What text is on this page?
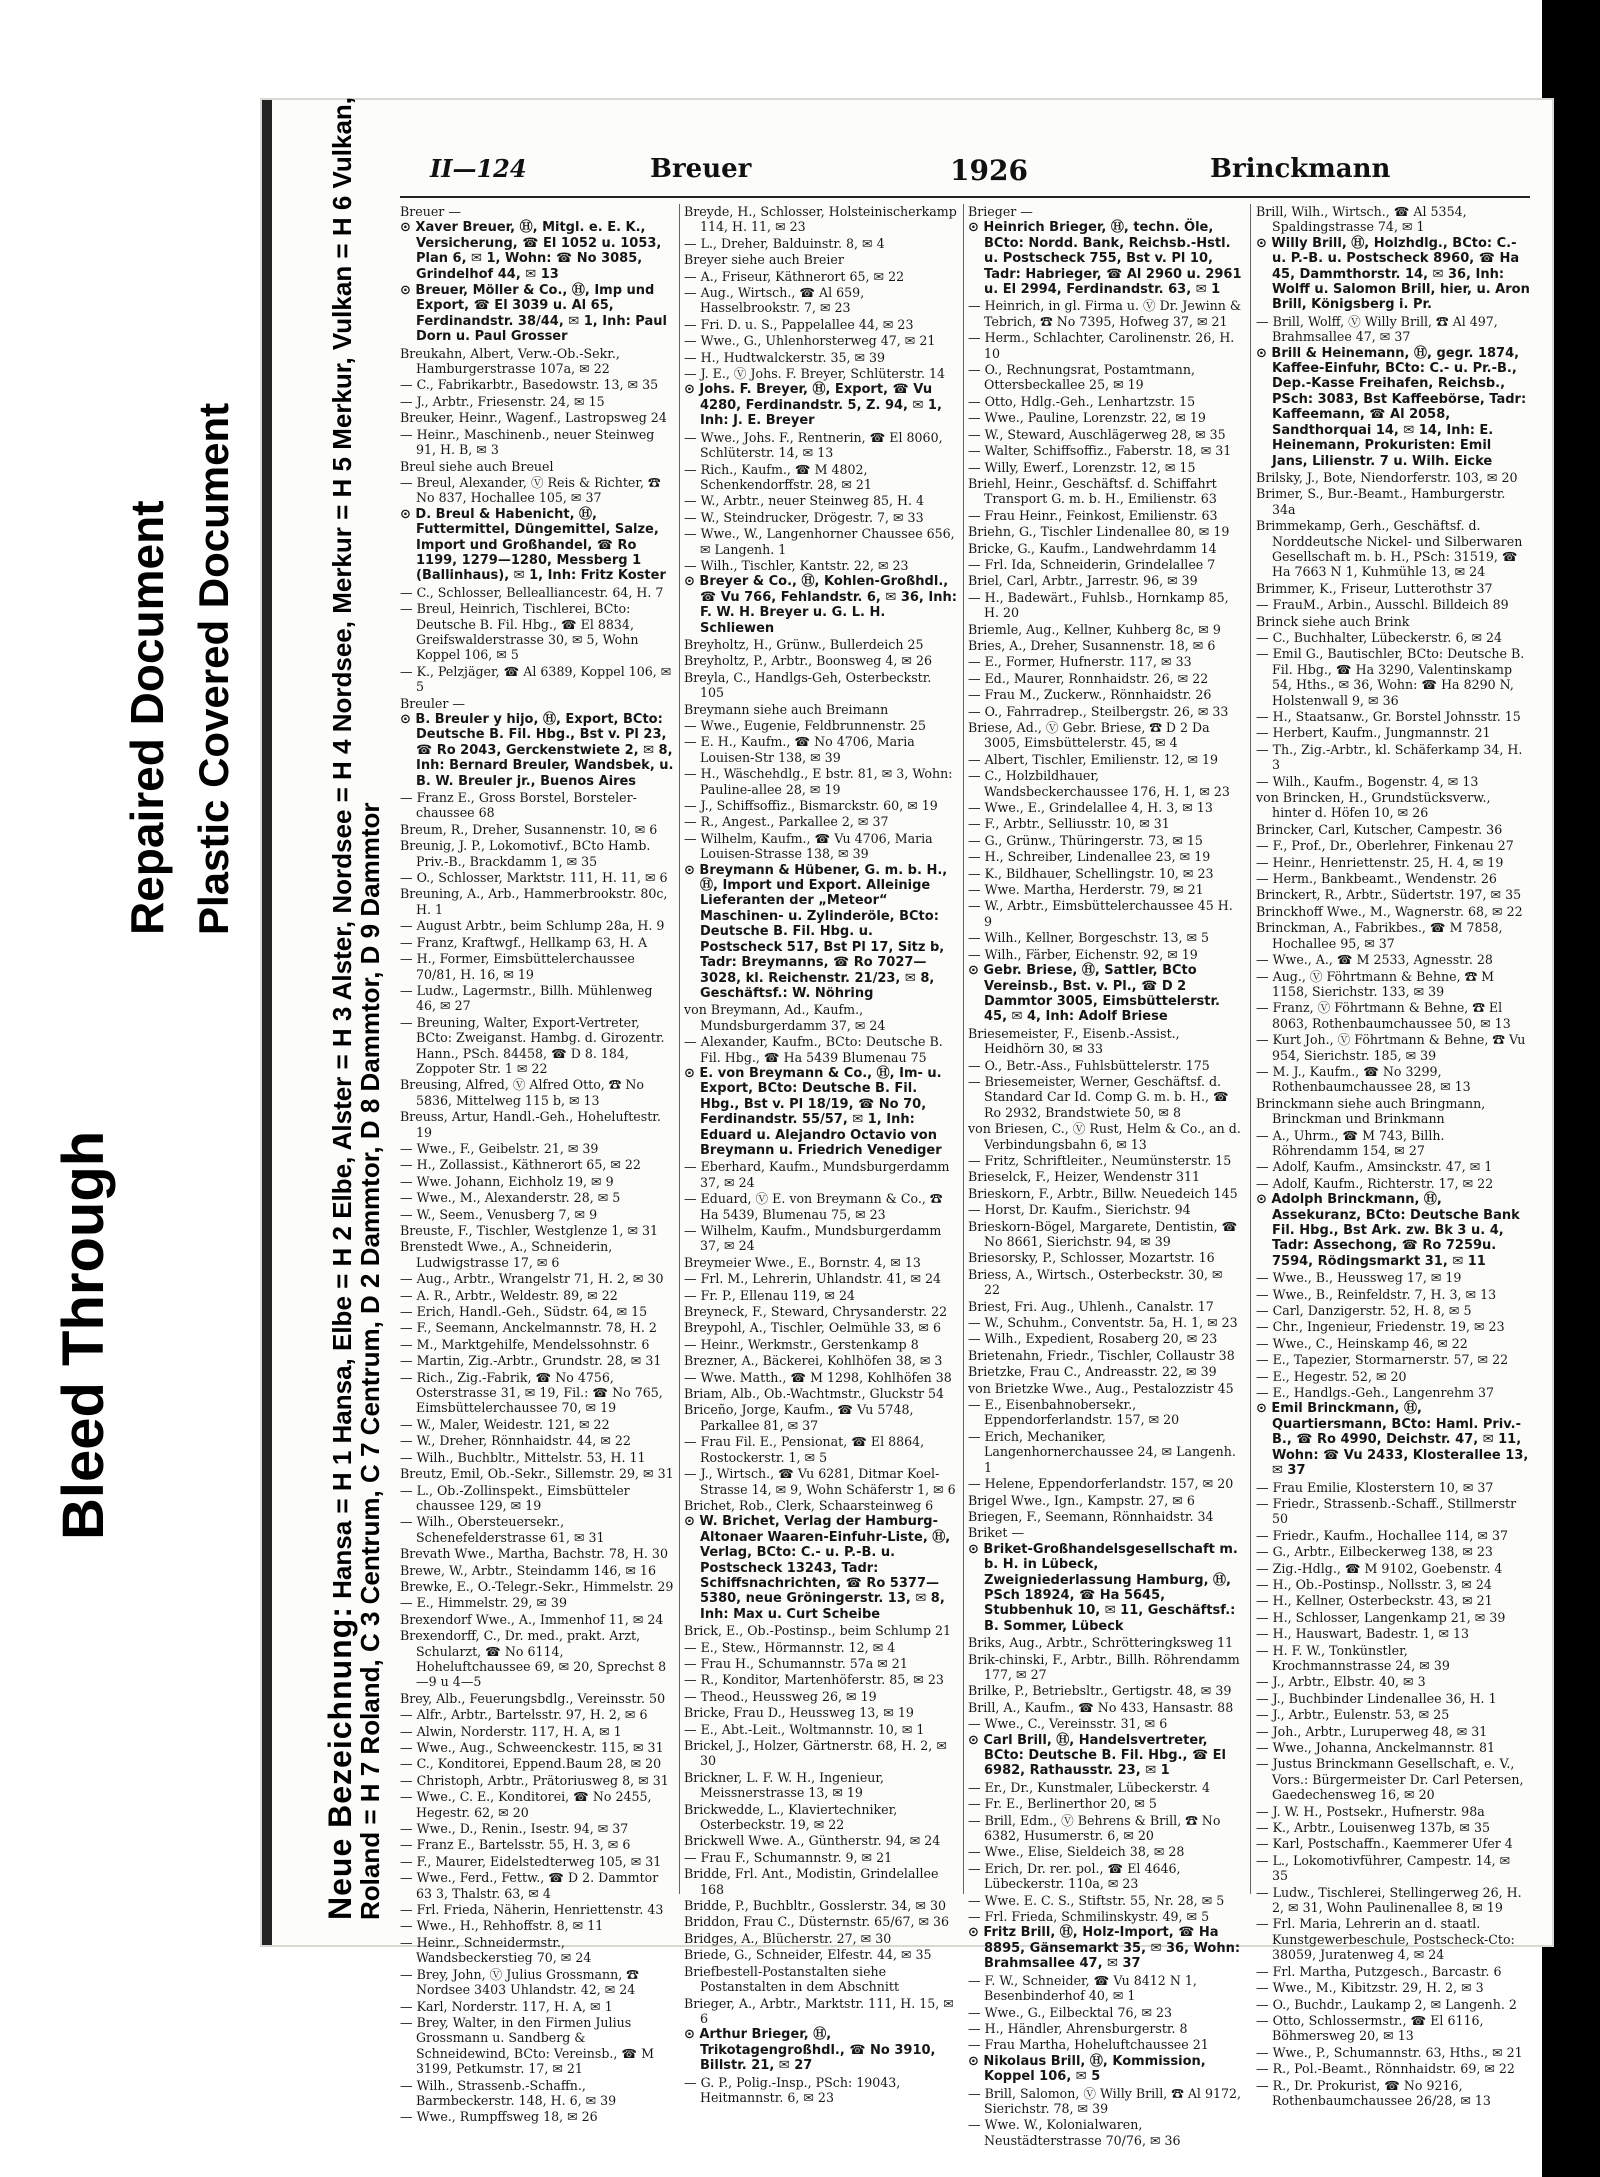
Bleed Through
Repaired Document Plastic Covered Document
Neue Bezeichnung: Hansa = H 1 Hansa, Elbe = H 2 Elbe, Alster = H 3 Alster, Nordsee = H 4 Nordsee, Merkur = H 5 Merkur, Vulkan = H 6 Vulkan,
Roland = H 7 Roland, C 3 Centrum, C 7 Centrum, D 2 Dammtor, D 8 Dammtor, D 9 Dammtor
II—124	Breuer	1926	Brinckmann
Breuer —
⊙ Xaver Breuer, Ⓗ, Mitgl. e. E. K., Versicherung, ☎ El 1052 u. 1053, Plan 6, ✉ 1, Wohn: ☎ No 3085, Grindelhof 44, ✉ 13
⊙ Breuer, Möller & Co., Ⓗ, Imp und Export, ☎ El 3039 u. Al 65, Ferdinandstr. 38/44, ✉ 1, Inh: Paul Dorn u. Paul Grosser
Breukahn, Albert, Verw.-Ob.-Sekr., Hamburgerstrasse 107a, ✉ 22
— C., Fabrikarbtr., Basedowstr. 13, ✉ 35
— J., Arbtr., Friesenstr. 24, ✉ 15
Breuker, Heinr., Wagenf., Lastropsweg 24
— Heinr., Maschinenb., neuer Steinweg 91, H. B, ✉ 3
Breul siehe auch Breuel
— Breul, Alexander, Ⓥ Reis & Richter, ☎ No 837, Hochallee 105, ✉ 37
⊙ D. Breul & Habenicht, Ⓗ, Futtermittel, Düngemittel, Salze, Import und Großhandel, ☎ Ro 1199, 1279—1280, Messberg 1 (Ballinhaus), ✉ 1, Inh: Fritz Koster
— C., Schlosser, Bellealliancestr. 64, H. 7
— Breul, Heinrich, Tischlerei, BCto: Deutsche B. Fil. Hbg., ☎ El 8834, Greifswalderstrasse 30, ✉ 5, Wohn Koppel 106, ✉ 5
— K., Pelzjäger, ☎ Al 6389, Koppel 106, ✉ 5
Breuler —
⊙ B. Breuler y hijo, Ⓗ, Export, BCto: Deutsche B. Fil. Hbg., Bst v. Pl 23, ☎ Ro 2043, Gerckenstwiete 2, ✉ 8, Inh: Bernard Breuler, Wandsbek, u. B. W. Breuler jr., Buenos Aires
— Franz E., Gross Borstel, Borsteler-chaussee 68
Breum, R., Dreher, Susannenstr. 10, ✉ 6
Breunig, J. P., Lokomotivf., BCto Hamb. Priv.-B., Brackdamm 1, ✉ 35
— O., Schlosser, Marktstr. 111, H. 11, ✉ 6
Breuning, A., Arb., Hammerbrookstr. 80c, H. 1
— August Arbtr., beim Schlump 28a, H. 9
— Franz, Kraftwgf., Hellkamp 63, H. A
— H., Former, Eimsbüttelerchaussee 70/81, H. 16, ✉ 19
— Ludw., Lagermstr., Billh. Mühlenweg 46, ✉ 27
— Breuning, Walter, Export-Vertreter, BCto: Zweiganst. Hambg. d. Girozentr. Hann., PSch. 84458, ☎ D 8. 184, Zoppoter Str. 1 ✉ 22
Breusing, Alfred, Ⓥ Alfred Otto, ☎ No 5836, Mittelweg 115 b, ✉ 13
Breuss, Artur, Handl.-Geh., Hoheluftestr. 19
— Wwe., F., Geibelstr. 21, ✉ 39
— H., Zollassist., Käthnerort 65, ✉ 22
— Wwe. Johann, Eichholz 19, ✉ 9
— Wwe., M., Alexanderstr. 28, ✉ 5
— W., Seem., Venusberg 7, ✉ 9
Breuste, F., Tischler, Westglenze 1, ✉ 31
Brenstedt Wwe., A., Schneiderin, Ludwigstrasse 17, ✉ 6
— Aug., Arbtr., Wrangelstr 71, H. 2, ✉ 30
— A. R., Arbtr., Weldestr. 89, ✉ 22
— Erich, Handl.-Geh., Südstr. 64, ✉ 15
— F., Seemann, Anckelmannstr. 78, H. 2
— M., Marktgehilfe, Mendelssohnstr. 6
— Martin, Zig.-Arbtr., Grundstr. 28, ✉ 31
— Rich., Zig.-Fabrik, ☎ No 4756, Osterstrasse 31, ✉ 19, Fil.: ☎ No 765, Eimsbüttelerchaussee 70, ✉ 19
— W., Maler, Weidestr. 121, ✉ 22
— W., Dreher, Rönnhaidstr. 44, ✉ 22
— Wilh., Buchbltr., Mittelstr. 53, H. 11
Breutz, Emil, Ob.-Sekr., Sillemstr. 29, ✉ 31
— L., Ob.-Zollinspekt., Eimsbütteler chaussee 129, ✉ 19
— Wilh., Obersteuersekr., Schenefelderstrasse 61, ✉ 31
Brevath Wwe., Martha, Bachstr. 78, H. 30
Brewe, W., Arbtr., Steindamm 146, ✉ 16
Brewke, E., O.-Telegr.-Sekr., Himmelstr. 29
— E., Himmelstr. 29, ✉ 39
Brexendorf Wwe., A., Immenhof 11, ✉ 24
Brexendorff, C., Dr. med., prakt. Arzt, Schularzt, ☎ No 6114, Hoheluftchaussee 69, ✉ 20, Sprechst 8—9 u 4—5
Brey, Alb., Feuerungsbdlg., Vereinsstr. 50
— Alfr., Arbtr., Bartelsstr. 97, H. 2, ✉ 6
— Alwin, Norderstr. 117, H. A, ✉ 1
— Wwe., Aug., Schweenckestr. 115, ✉ 31
— C., Konditorei, Eppend.Baum 28, ✉ 20
— Christoph, Arbtr., Prätoriusweg 8, ✉ 31
— Wwe., C. E., Konditorei, ☎ No 2455, Hegestr. 62, ✉ 20
— Wwe., D., Renin., Isestr. 94, ✉ 37
— Franz E., Bartelsstr. 55, H. 3, ✉ 6
— F., Maurer, Eidelstedterweg 105, ✉ 31
— Wwe., Ferd., Fettw., ☎ D 2. Dammtor 63 3, Thalstr. 63, ✉ 4
— Frl. Frieda, Näherin, Henriettenstr. 43
— Wwe., H., Rehhoffstr. 8, ✉ 11
— Heinr., Schneidermstr., Wandsbeckerstieg 70, ✉ 24
— Brey, John, Ⓥ Julius Grossmann, ☎ Nordsee 3403 Uhlandstr. 42, ✉ 24
— Karl, Norderstr. 117, H. A, ✉ 1
— Brey, Walter, in den Firmen Julius Grossmann u. Sandberg & Schneidewind, BCto: Vereinsb., ☎ M 3199, Petkumstr. 17, ✉ 21
— Wilh., Strassenb.-Schaffn., Barmbeckerstr. 148, H. 6, ✉ 39
— Wwe., Rumpffsweg 18, ✉ 26
Breyde, H., Schlosser, Holsteinischerkamp 114, H. 11, ✉ 23
— L., Dreher, Balduinstr. 8, ✉ 4
Breyer siehe auch Breier
— A., Friseur, Käthnerort 65, ✉ 22
— Aug., Wirtsch., ☎ Al 659, Hasselbrookstr. 7, ✉ 23
— Fri. D. u. S., Pappelallee 44, ✉ 23
— Wwe., G., Uhlenhorsterweg 47, ✉ 21
— H., Hudtwalckerstr. 35, ✉ 39
— J. E., Ⓥ Johs. F. Breyer, Schlüterstr. 14
⊙ Johs. F. Breyer, Ⓗ, Export, ☎ Vu 4280, Ferdinandstr. 5, Z. 94, ✉ 1, Inh: J. E. Breyer
— Wwe., Johs. F., Rentnerin, ☎ El 8060, Schlüterstr. 14, ✉ 13
— Rich., Kaufm., ☎ M 4802, Schenkendorffstr. 28, ✉ 21
— W., Arbtr., neuer Steinweg 85, H. 4
— W., Steindrucker, Drögestr. 7, ✉ 33
— Wwe., W., Langenhorner Chaussee 656, ✉ Langenh. 1
— Wilh., Tischler, Kantstr. 22, ✉ 23
⊙ Breyer & Co., Ⓗ, Kohlen-Großhdl., ☎ Vu 766, Fehlandstr. 6, ✉ 36, Inh: F. W. H. Breyer u. G. L. H. Schliewen
Breyholtz, H., Grünw., Bullerdeich 25
Breyholtz, P., Arbtr., Boonsweg 4, ✉ 26
Breyla, C., Handlgs-Geh, Osterbeckstr. 105
Breymann siehe auch Breimann
— Wwe., Eugenie, Feldbrunnenstr. 25
— E. H., Kaufm., ☎ No 4706, Maria Louisen-Str 138, ✉ 39
— H., Wäschehdlg., E bstr. 81, ✉ 3, Wohn: Pauline-allee 28, ✉ 19
— J., Schiffsoffiz., Bismarckstr. 60, ✉ 19
— R., Angest., Parkallee 2, ✉ 37
— Wilhelm, Kaufm., ☎ Vu 4706, Maria Louisen-Strasse 138, ✉ 39
⊙ Breymann & Hübener, G. m. b. H., Ⓗ, Import und Export. Alleinige Lieferanten der „Meteor“ Maschinen- u. Zylinderöle, BCto: Deutsche B. Fil. Hbg. u. Postscheck 517, Bst Pl 17, Sitz b, Tadr: Breymanns, ☎ Ro 7027—3028, kl. Reichenstr. 21/23, ✉ 8, Geschäftsf.: W. Nöhring
von Breymann, Ad., Kaufm., Mundsburgerdamm 37, ✉ 24
— Alexander, Kaufm., BCto: Deutsche B. Fil. Hbg., ☎ Ha 5439 Blumenau 75
⊙ E. von Breymann & Co., Ⓗ, Im- u. Export, BCto: Deutsche B. Fil. Hbg., Bst v. Pl 18/19, ☎ No 70, Ferdinandstr. 55/57, ✉ 1, Inh: Eduard u. Alejandro Octavio von Breymann u. Friedrich Venediger
— Eberhard, Kaufm., Mundsburgerdamm 37, ✉ 24
— Eduard, Ⓥ E. von Breymann & Co., ☎ Ha 5439, Blumenau 75, ✉ 23
— Wilhelm, Kaufm., Mundsburgerdamm 37, ✉ 24
Breymeier Wwe., E., Bornstr. 4, ✉ 13
— Frl. M., Lehrerin, Uhlandstr. 41, ✉ 24
— Fr. P., Ellenau 119, ✉ 24
Breyneck, F., Steward, Chrysanderstr. 22
Breypohl, A., Tischler, Oelmühle 33, ✉ 6
— Heinr., Werkmstr., Gerstenkamp 8
Brezner, A., Bäckerei, Kohlhöfen 38, ✉ 3
— Wwe. Matth., ☎ M 1298, Kohlhöfen 38
Briam, Alb., Ob.-Wachtmstr., Gluckstr 54
Briceño, Jorge, Kaufm., ☎ Vu 5748, Parkallee 81, ✉ 37
— Frau Fil. E., Pensionat, ☎ El 8864, Rostockerstr. 1, ✉ 5
— J., Wirtsch., ☎ Vu 6281, Ditmar Koel-Strasse 14, ✉ 9, Wohn Schäferstr 1, ✉ 6
Brichet, Rob., Clerk, Schaarsteinweg 6
⊙ W. Brichet, Verlag der Hamburg-Altonaer Waaren-Einfuhr-Liste, Ⓗ, Verlag, BCto: C.- u. P.-B. u. Postscheck 13243, Tadr: Schiffsnachrichten, ☎ Ro 5377—5380, neue Gröningerstr. 13, ✉ 8, Inh: Max u. Curt Scheibe
Brick, E., Ob.-Postinsp., beim Schlump 21
— E., Stew., Hörmannstr. 12, ✉ 4
— Frau H., Schumannstr. 57a ✉ 21
— R., Konditor, Martenhöferstr. 85, ✉ 23
— Theod., Heussweg 26, ✉ 19
Bricke, Frau D., Heussweg 13, ✉ 19
— E., Abt.-Leit., Woltmannstr. 10, ✉ 1
Brickel, J., Holzer, Gärtnerstr. 68, H. 2, ✉ 30
Brickner, L. F. W. H., Ingenieur, Meissnerstrasse 13, ✉ 19
Brickwedde, L., Klaviertechniker, Osterbeckstr. 19, ✉ 22
Brickwell Wwe. A., Güntherstr. 94, ✉ 24
— Frau F., Schumannstr. 9, ✉ 21
Bridde, Frl. Ant., Modistin, Grindelallee 168
Bridde, P., Buchbltr., Gosslerstr. 34, ✉ 30
Briddon, Frau C., Düsternstr. 65/67, ✉ 36
Bridges, A., Blücherstr. 27, ✉ 30
Briede, G., Schneider, Elfestr. 44, ✉ 35
Briefbestell-Postanstalten siehe Postanstalten in dem Abschnitt
Brieger, A., Arbtr., Marktstr. 111, H. 15, ✉ 6
⊙ Arthur Brieger, Ⓗ, Trikotagengroßhdl., ☎ No 3910, Billstr. 21, ✉ 27
— G. P., Polig.-Insp., PSch: 19043, Heitmannstr. 6, ✉ 23
Brieger —
⊙ Heinrich Brieger, Ⓗ, techn. Öle, BCto: Nordd. Bank, Reichsb.-Hstl. u. Postscheck 755, Bst v. Pl 10, Tadr: Habrieger, ☎ Al 2960 u. 2961 u. El 2994, Ferdinandstr. 63, ✉ 1
— Heinrich, in gl. Firma u. Ⓥ Dr. Jewinn & Tebrich, ☎ No 7395, Hofweg 37, ✉ 21
— Herm., Schlachter, Carolinenstr. 26, H. 10
— O., Rechnungsrat, Postamtmann, Ottersbeckallee 25, ✉ 19
— Otto, Hdlg.-Geh., Lenhartzstr. 15
— Wwe., Pauline, Lorenzstr. 22, ✉ 19
— W., Steward, Auschlägerweg 28, ✉ 35
— Walter, Schiffsoffiz., Faberstr. 18, ✉ 31
— Willy, Ewerf., Lorenzstr. 12, ✉ 15
Briehl, Heinr., Geschäftsf. d. Schiffahrt Transport G. m. b. H., Emilienstr. 63
— Frau Heinr., Feinkost, Emilienstr. 63
Briehn, G., Tischler Lindenallee 80, ✉ 19
Bricke, G., Kaufm., Landwehrdamm 14
— Frl. Ida, Schneiderin, Grindelallee 7
Briel, Carl, Arbtr., Jarrestr. 96, ✉ 39
— H., Badewärt., Fuhlsb., Hornkamp 85, H. 20
Briemle, Aug., Kellner, Kuhberg 8c, ✉ 9
Bries, A., Dreher, Susannenstr. 18, ✉ 6
— E., Former, Hufnerstr. 117, ✉ 33
— Ed., Maurer, Ronnhaidstr. 26, ✉ 22
— Frau M., Zuckerw., Rönnhaidstr. 26
— O., Fahrradrep., Steilbergstr. 26, ✉ 33
Briese, Ad., Ⓥ Gebr. Briese, ☎ D 2 Da 3005, Eimsbüttelerstr. 45, ✉ 4
— Albert, Tischler, Emilienstr. 12, ✉ 19
— C., Holzbildhauer, Wandsbeckerchaussee 176, H. 1, ✉ 23
— Wwe., E., Grindelallee 4, H. 3, ✉ 13
— F., Arbtr., Selliusstr. 10, ✉ 31
— G., Grünw., Thüringerstr. 73, ✉ 15
— H., Schreiber, Lindenallee 23, ✉ 19
— K., Bildhauer, Schellingstr. 10, ✉ 23
— Wwe. Martha, Herderstr. 79, ✉ 21
— W., Arbtr., Eimsbüttelerchaussee 45 H. 9
— Wilh., Kellner, Borgeschstr. 13, ✉ 5
— Wilh., Färber, Eichenstr. 92, ✉ 19
⊙ Gebr. Briese, Ⓗ, Sattler, BCto Vereinsb., Bst. v. Pl., ☎ D 2 Dammtor 3005, Eimsbüttelerstr. 45, ✉ 4, Inh: Adolf Briese
Briesemeister, F., Eisenb.-Assist., Heidhörn 30, ✉ 33
— O., Betr.-Ass., Fuhlsbüttelerstr. 175
— Briesemeister, Werner, Geschäftsf. d. Standard Car Id. Comp G. m. b. H., ☎ Ro 2932, Brandstwiete 50, ✉ 8
von Briesen, C., Ⓥ Rust, Helm & Co., an d. Verbindungsbahn 6, ✉ 13
— Fritz, Schriftleiter., Neumünsterstr. 15
Brieselck, F., Heizer, Wendenstr 311
Brieskorn, F., Arbtr., Billw. Neuedeich 145
— Horst, Dr. Kaufm., Sierichstr. 94
Brieskorn-Bögel, Margarete, Dentistin, ☎ No 8661, Sierichstr. 94, ✉ 39
Briesorsky, P., Schlosser, Mozartstr. 16
Briess, A., Wirtsch., Osterbeckstr. 30, ✉ 22
Briest, Fri. Aug., Uhlenh., Canalstr. 17
— W., Schuhm., Conventstr. 5a, H. 1, ✉ 23
— Wilh., Expedient, Rosaberg 20, ✉ 23
Brietenahn, Friedr., Tischler, Collaustr 38
Brietzke, Frau C., Andreasstr. 22, ✉ 39
von Brietzke Wwe., Aug., Pestalozzistr 45
— E., Eisenbahnobersekr., Eppendorferlandstr. 157, ✉ 20
— Erich, Mechaniker, Langenhornerchaussee 24, ✉ Langenh. 1
— Helene, Eppendorferlandstr. 157, ✉ 20
Brigel Wwe., Ign., Kampstr. 27, ✉ 6
Briegen, F., Seemann, Rönnhaidstr. 34
Briket —
⊙ Briket-Großhandelsgesellschaft m. b. H. in Lübeck, Zweigniederlassung Hamburg, Ⓗ, PSch 18924, ☎ Ha 5645, Stubbenhuk 10, ✉ 11, Geschäftsf.: B. Sommer, Lübeck
Briks, Aug., Arbtr., Schrötteringksweg 11
Brik-chinski, F., Arbtr., Billh. Röhrendamm 177, ✉ 27
Brilke, P., Betriebsltr., Gertigstr. 48, ✉ 39
Brill, A., Kaufm., ☎ No 433, Hansastr. 88
— Wwe., C., Vereinsstr. 31, ✉ 6
⊙ Carl Brill, Ⓗ, Handelsvertreter, BCto: Deutsche B. Fil. Hbg., ☎ El 6982, Rathausstr. 23, ✉ 1
— Er., Dr., Kunstmaler, Lübeckerstr. 4
— Fr. E., Berlinerthor 20, ✉ 5
— Brill, Edm., Ⓥ Behrens & Brill, ☎ No 6382, Husumerstr. 6, ✉ 20
— Wwe., Elise, Sieldeich 38, ✉ 28
— Erich, Dr. rer. pol., ☎ El 4646, Lübeckerstr. 110a, ✉ 23
— Wwe. E. C. S., Stiftstr. 55, Nr. 28, ✉ 5
— Frl. Frieda, Schmilinskystr. 49, ✉ 5
⊙ Fritz Brill, Ⓗ, Holz-Import, ☎ Ha 8895, Gänsemarkt 35, ✉ 36, Wohn: Brahmsallee 47, ✉ 37
— F. W., Schneider, ☎ Vu 8412 N 1, Besenbinderhof 40, ✉ 1
— Wwe., G., Eilbecktal 76, ✉ 23
— H., Händler, Ahrensburgerstr. 8
— Frau Martha, Hoheluftchaussee 21
⊙ Nikolaus Brill, Ⓗ, Kommission, Koppel 106, ✉ 5
— Brill, Salomon, Ⓥ Willy Brill, ☎ Al 9172, Sierichstr. 78, ✉ 39
— Wwe. W., Kolonialwaren, Neustädterstrasse 70/76, ✉ 36
Brill, Wilh., Wirtsch., ☎ Al 5354, Spaldingstrasse 74, ✉ 1
⊙ Willy Brill, Ⓗ, Holzhdlg., BCto: C.- u. P.-B. u. Postscheck 8960, ☎ Ha 45, Dammthorstr. 14, ✉ 36, Inh: Wolff u. Salomon Brill, hier, u. Aron Brill, Königsberg i. Pr.
— Brill, Wolff, Ⓥ Willy Brill, ☎ Al 497, Brahmsallee 47, ✉ 37
⊙ Brill & Heinemann, Ⓗ, gegr. 1874, Kaffee-Einfuhr, BCto: C.- u. Pr.-B., Dep.-Kasse Freihafen, Reichsb., PSch: 3083, Bst Kaffeebörse, Tadr: Kaffeemann, ☎ Al 2058, Sandthorquai 14, ✉ 14, Inh: E. Heinemann, Prokuristen: Emil Jans, Lilienstr. 7 u. Wilh. Eicke
Brilsky, J., Bote, Niendorferstr. 103, ✉ 20
Brimer, S., Bur.-Beamt., Hamburgerstr. 34a
Brimmekamp, Gerh., Geschäftsf. d. Norddeutsche Nickel- und Silberwaren Gesellschaft m. b. H., PSch: 31519, ☎ Ha 7663 N 1, Kuhmühle 13, ✉ 24
Brimmer, K., Friseur, Lutterothstr 37
— FrauM., Arbin., Ausschl. Billdeich 89
Brinck siehe auch Brink
— C., Buchhalter, Lübeckerstr. 6, ✉ 24
— Emil G., Bautischler, BCto: Deutsche B. Fil. Hbg., ☎ Ha 3290, Valentinskamp 54, Hths., ✉ 36, Wohn: ☎ Ha 8290 N, Holstenwall 9, ✉ 36
— H., Staatsanw., Gr. Borstel Johnsstr. 15
— Herbert, Kaufm., Jungmannstr. 21
— Th., Zig.-Arbtr., kl. Schäferkamp 34, H. 3
— Wilh., Kaufm., Bogenstr. 4, ✉ 13
von Brincken, H., Grundstücksverw., hinter d. Höfen 10, ✉ 26
Brincker, Carl, Kutscher, Campestr. 36
— F., Prof., Dr., Oberlehrer, Finkenau 27
— Heinr., Henriettenstr. 25, H. 4, ✉ 19
— Herm., Bankbeamt., Wendenstr. 26
Brinckert, R., Arbtr., Südertstr. 197, ✉ 35
Brinckhoff Wwe., M., Wagnerstr. 68, ✉ 22
Brinckman, A., Fabrikbes., ☎ M 7858, Hochallee 95, ✉ 37
— Wwe., A., ☎ M 2533, Agnesstr. 28
— Aug., Ⓥ Föhrtmann & Behne, ☎ M 1158, Sierichstr. 133, ✉ 39
— Franz, Ⓥ Föhrtmann & Behne, ☎ El 8063, Rothenbaumchaussee 50, ✉ 13
— Kurt Joh., Ⓥ Föhrtmann & Behne, ☎ Vu 954, Sierichstr. 185, ✉ 39
— M. J., Kaufm., ☎ No 3299, Rothenbaumchaussee 28, ✉ 13
Brinckmann siehe auch Bringmann, Brinckman und Brinkmann
— A., Uhrm., ☎ M 743, Billh. Röhrendamm 154, ✉ 27
— Adolf, Kaufm., Amsinckstr. 47, ✉ 1
— Adolf, Kaufm., Richterstr. 17, ✉ 22
⊙ Adolph Brinckmann, Ⓗ, Assekuranz, BCto: Deutsche Bank Fil. Hbg., Bst Ark. zw. Bk 3 u. 4, Tadr: Assechong, ☎ Ro 7259u. 7594, Rödingsmarkt 31, ✉ 11
— Wwe., B., Heussweg 17, ✉ 19
— Wwe., B., Reinfeldstr. 7, H. 3, ✉ 13
— Carl, Danzigerstr. 52, H. 8, ✉ 5
— Chr., Ingenieur, Friedenstr. 19, ✉ 23
— Wwe., C., Heinskamp 46, ✉ 22
— E., Tapezier, Stormarnerstr. 57, ✉ 22
— E., Hegestr. 52, ✉ 20
— E., Handlgs.-Geh., Langenrehm 37
⊙ Emil Brinckmann, Ⓗ, Quartiersmann, BCto: Haml. Priv.-B., ☎ Ro 4990, Deichstr. 47, ✉ 11, Wohn: ☎ Vu 2433, Klosterallee 13, ✉ 37
— Frau Emilie, Klosterstern 10, ✉ 37
— Friedr., Strassenb.-Schaff., Stillmerstr 50
— Friedr., Kaufm., Hochallee 114, ✉ 37
— G., Arbtr., Eilbeckerweg 138, ✉ 23
— Zig.-Hdlg., ☎ M 9102, Goebenstr. 4
— H., Ob.-Postinsp., Nollsstr. 3, ✉ 24
— H., Kellner, Osterbeckstr. 43, ✉ 21
— H., Schlosser, Langenkamp 21, ✉ 39
— H., Hauswart, Badestr. 1, ✉ 13
— H. F. W., Tonkünstler, Krochmannstrasse 24, ✉ 39
— J., Arbtr., Elbstr. 40, ✉ 3
— J., Buchbinder Lindenallee 36, H. 1
— J., Arbtr., Eulenstr. 53, ✉ 25
— Joh., Arbtr., Luruperweg 48, ✉ 31
— Wwe., Johanna, Anckelmannstr. 81
— Justus Brinckmann Gesellschaft, e. V., Vors.: Bürgermeister Dr. Carl Petersen, Gaedechensweg 16, ✉ 20
— J. W. H., Postsekr., Hufnerstr. 98a
— K., Arbtr., Louisenweg 137b, ✉ 35
— Karl, Postschaffn., Kaemmerer Ufer 4
— L., Lokomotivführer, Campestr. 14, ✉ 35
— Ludw., Tischlerei, Stellingerweg 26, H. 2, ✉ 31, Wohn Paulinenallee 8, ✉ 19
— Frl. Maria, Lehrerin an d. staatl. Kunstgewerbeschule, Postscheck-Cto: 38059, Juratenweg 4, ✉ 24
— Frl. Martha, Putzgesch., Barcastr. 6
— Wwe., M., Kibitzstr. 29, H. 2, ✉ 3
— O., Buchdr., Laukamp 2, ✉ Langenh. 2
— Otto, Schlossermstr., ☎ El 6116, Böhmersweg 20, ✉ 13
— Wwe., P., Schumannstr. 63, Hths., ✉ 21
— R., Pol.-Beamt., Rönnhaidstr. 69, ✉ 22
— R., Dr. Prokurist, ☎ No 9216, Rothenbaumchaussee 26/28, ✉ 13
